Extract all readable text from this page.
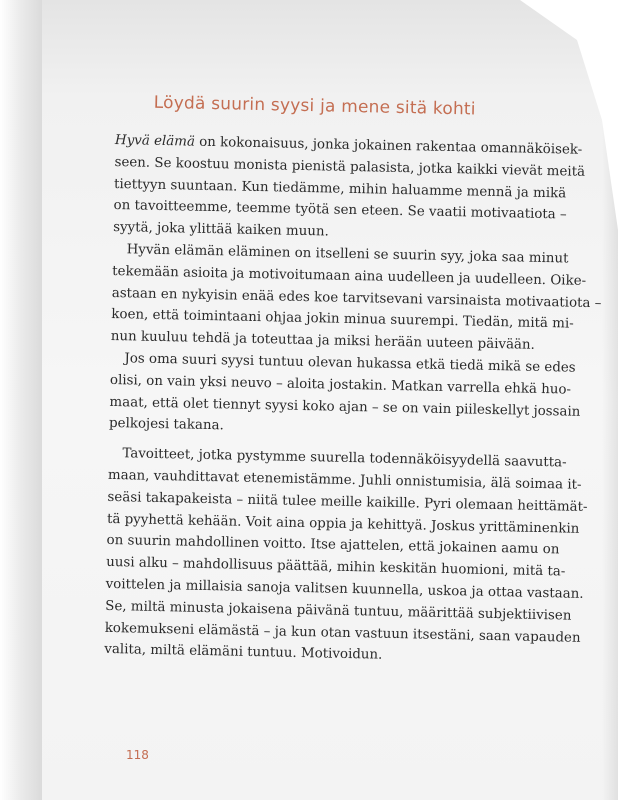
Löydä suurin syysi ja mene sitä kohti
Hyvä elämä on kokonaisuus, jonka jokainen rakentaa omannäköisek-
seen. Se koostuu monista pienistä palasista, jotka kaikki vievät meitä
tiettyyn suuntaan. Kun tiedämme, mihin haluamme mennä ja mikä
on tavoitteemme, teemme työtä sen eteen. Se vaatii motivaatiota –
syytä, joka ylittää kaiken muun.
Hyvän elämän eläminen on itselleni se suurin syy, joka saa minut
tekemään asioita ja motivoitumaan aina uudelleen ja uudelleen. Oike-
astaan en nykyisin enää edes koe tarvitsevani varsinaista motivaatiota –
koen, että toimintaani ohjaa jokin minua suurempi. Tiedän, mitä mi-
nun kuuluu tehdä ja toteuttaa ja miksi herään uuteen päivään.
Jos oma suuri syysi tuntuu olevan hukassa etkä tiedä mikä se edes
olisi, on vain yksi neuvo – aloita jostakin. Matkan varrella ehkä huo-
maat, että olet tiennyt syysi koko ajan – se on vain piileskellyt jossain
pelkojesi takana.
Tavoitteet, jotka pystymme suurella todennäköisyydellä saavutta-
maan, vauhdittavat etenemistämme. Juhli onnistumisia, älä soimaa it-
seäsi takapakeista – niitä tulee meille kaikille. Pyri olemaan heittämät-
tä pyyhettä kehään. Voit aina oppia ja kehittyä. Joskus yrittäminenkin
on suurin mahdollinen voitto. Itse ajattelen, että jokainen aamu on
uusi alku – mahdollisuus päättää, mihin keskitän huomioni, mitä ta-
voittelen ja millaisia sanoja valitsen kuunnella, uskoa ja ottaa vastaan.
Se, miltä minusta jokaisena päivänä tuntuu, määrittää subjektiivisen
kokemukseni elämästä – ja kun otan vastuun itsestäni, saan vapauden
valita, miltä elämäni tuntuu. Motivoidun.
118
